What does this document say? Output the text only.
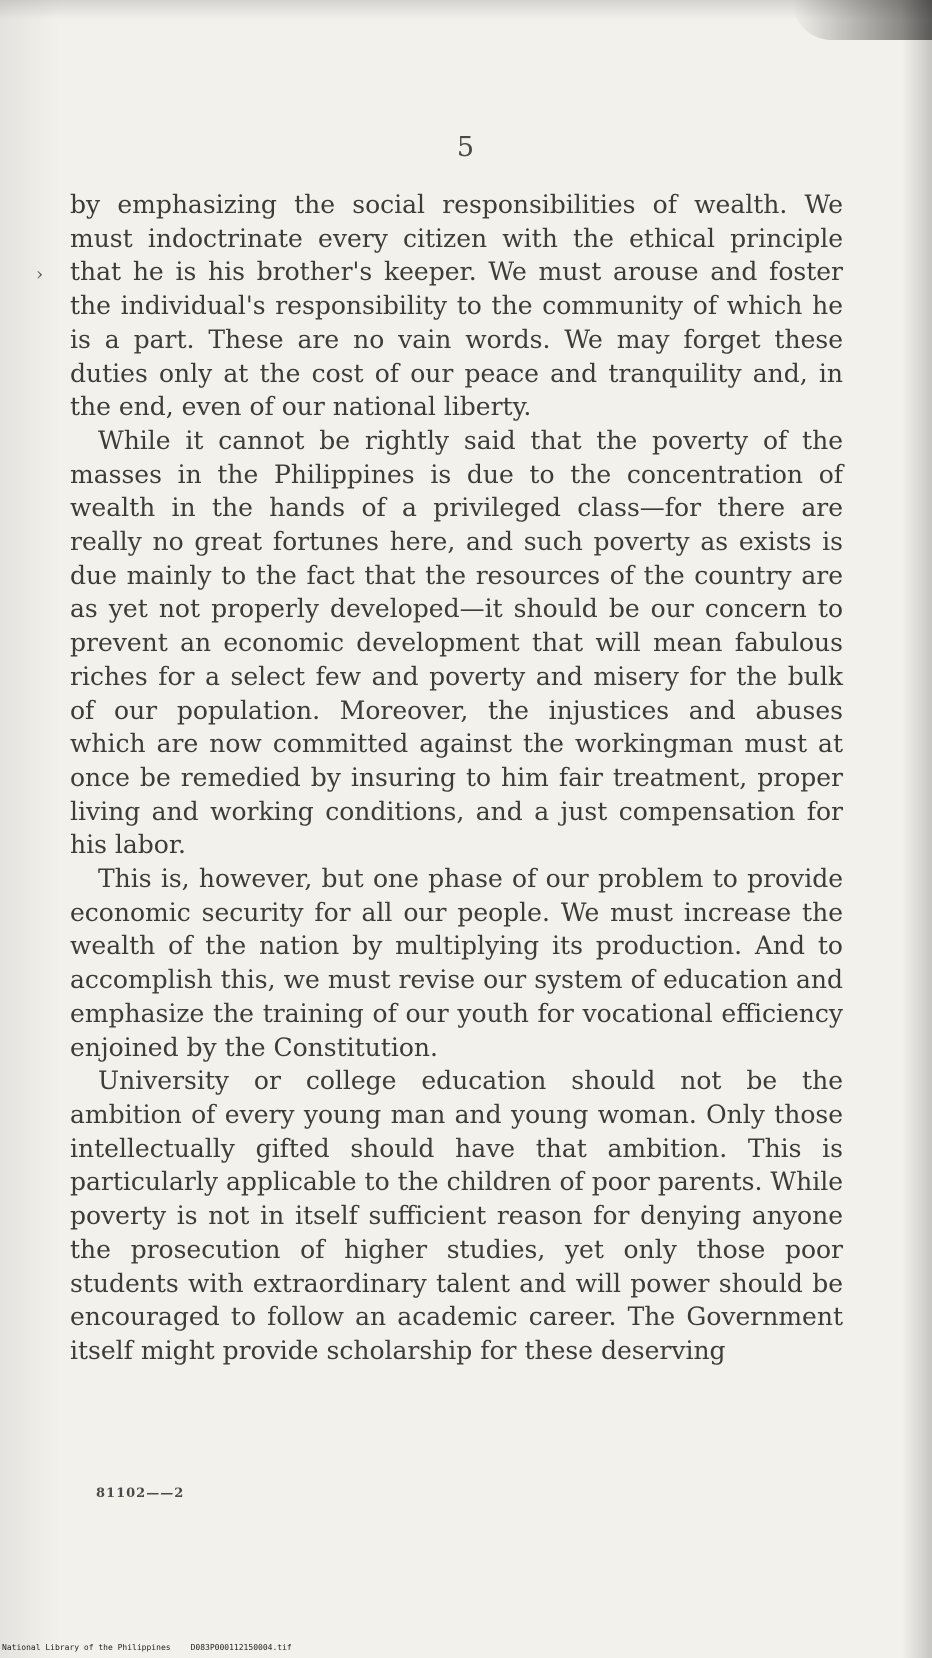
5
›

by emphasizing the social responsibilities of wealth. We must indoctrinate every citizen with the ethical principle that he is his brother's keeper. We must arouse and foster the individual's responsibility to the community of which he is a part. These are no vain words. We may forget these duties only at the cost of our peace and tranquility and, in the end, even of our national liberty.

While it cannot be rightly said that the poverty of the masses in the Philippines is due to the concentration of wealth in the hands of a privileged class—for there are really no great fortunes here, and such poverty as exists is due mainly to the fact that the resources of the country are as yet not properly developed—it should be our concern to prevent an economic development that will mean fabulous riches for a select few and poverty and misery for the bulk of our population. Moreover, the injustices and abuses which are now committed against the workingman must at once be remedied by insuring to him fair treatment, proper living and working conditions, and a just compensation for his labor.

This is, however, but one phase of our problem to provide economic security for all our people. We must increase the wealth of the nation by multiplying its production. And to accomplish this, we must revise our system of education and emphasize the training of our youth for vocational efficiency enjoined by the Constitution.

University or college education should not be the ambition of every young man and young woman. Only those intellectually gifted should have that ambition. This is particularly applicable to the children of poor parents. While poverty is not in itself sufficient reason for denying anyone the prosecution of higher studies, yet only those poor students with extraordinary talent and will power should be encouraged to follow an academic career. The Government itself might provide scholarship for these deserving

81102——2
National Library of the Philippines	D083P000112150004.tif
